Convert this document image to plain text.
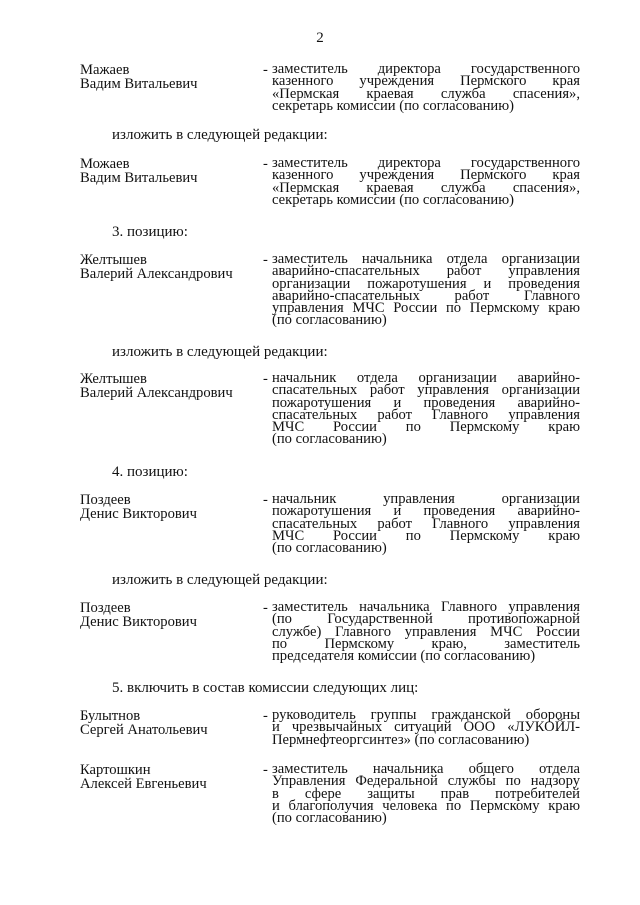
2
Мажаев
Вадим Витальевич
- заместитель директора государственного
казенного учреждения Пермского края
«Пермская краевая служба спасения»,
секретарь комиссии (по согласованию)
изложить в следующей редакции:
Можаев
Вадим Витальевич
- заместитель директора государственного
казенного учреждения Пермского края
«Пермская краевая служба спасения»,
секретарь комиссии (по согласованию)
3. позицию:
Желтышев
Валерий Александрович
- заместитель начальника отдела организации
аварийно-спасательных работ управления
организации пожаротушения и проведения
аварийно-спасательных работ Главного
управления МЧС России по Пермскому краю
(по согласованию)
изложить в следующей редакции:
Желтышев
Валерий Александрович
- начальник отдела организации аварийно-
спасательных работ управления организации
пожаротушения и проведения аварийно-
спасательных работ Главного управления
МЧС России по Пермскому краю
(по согласованию)
4. позицию:
Поздеев
Денис Викторович
- начальник управления организации
пожаротушения и проведения аварийно-
спасательных работ Главного управления
МЧС России по Пермскому краю
(по согласованию)
изложить в следующей редакции:
Поздеев
Денис Викторович
- заместитель начальника Главного управления
(по Государственной противопожарной
службе) Главного управления МЧС России
по Пермскому краю, заместитель
председателя комиссии (по согласованию)
5. включить в состав комиссии следующих лиц:
Булытнов
Сергей Анатольевич
- руководитель группы гражданской обороны
и чрезвычайных ситуаций ООО «ЛУКОЙЛ-
Пермнефтеоргсинтез» (по согласованию)
Картошкин
Алексей Евгеньевич
- заместитель начальника общего отдела
Управления Федеральной службы по надзору
в сфере защиты прав потребителей
и благополучия человека по Пермскому краю
(по согласованию)
